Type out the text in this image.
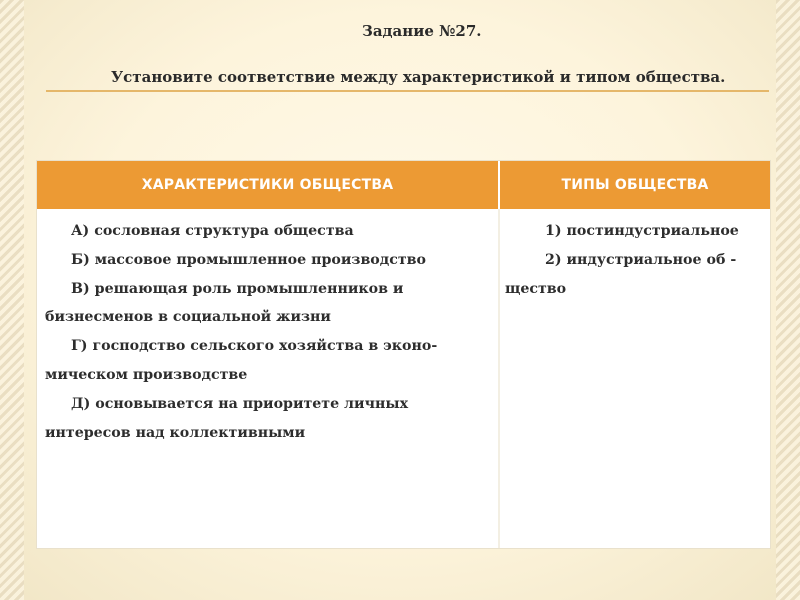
Задание №27.
Установите соответствие между характеристикой и типом общества.
ХАРАКТЕРИСТИКИ ОБЩЕСТВА	ТИПЫ ОБЩЕСТВА
А) сословная структура общества
Б) массовое промышленное производство
В) решающая роль промышленников и
бизнесменов в социальной жизни
Г) господство сельского хозяйства в эконо-
мическом производстве
Д) основывается на приоритете личных
интересов над коллективными
1) постиндустриальное
2) индустриальное об -
щество
